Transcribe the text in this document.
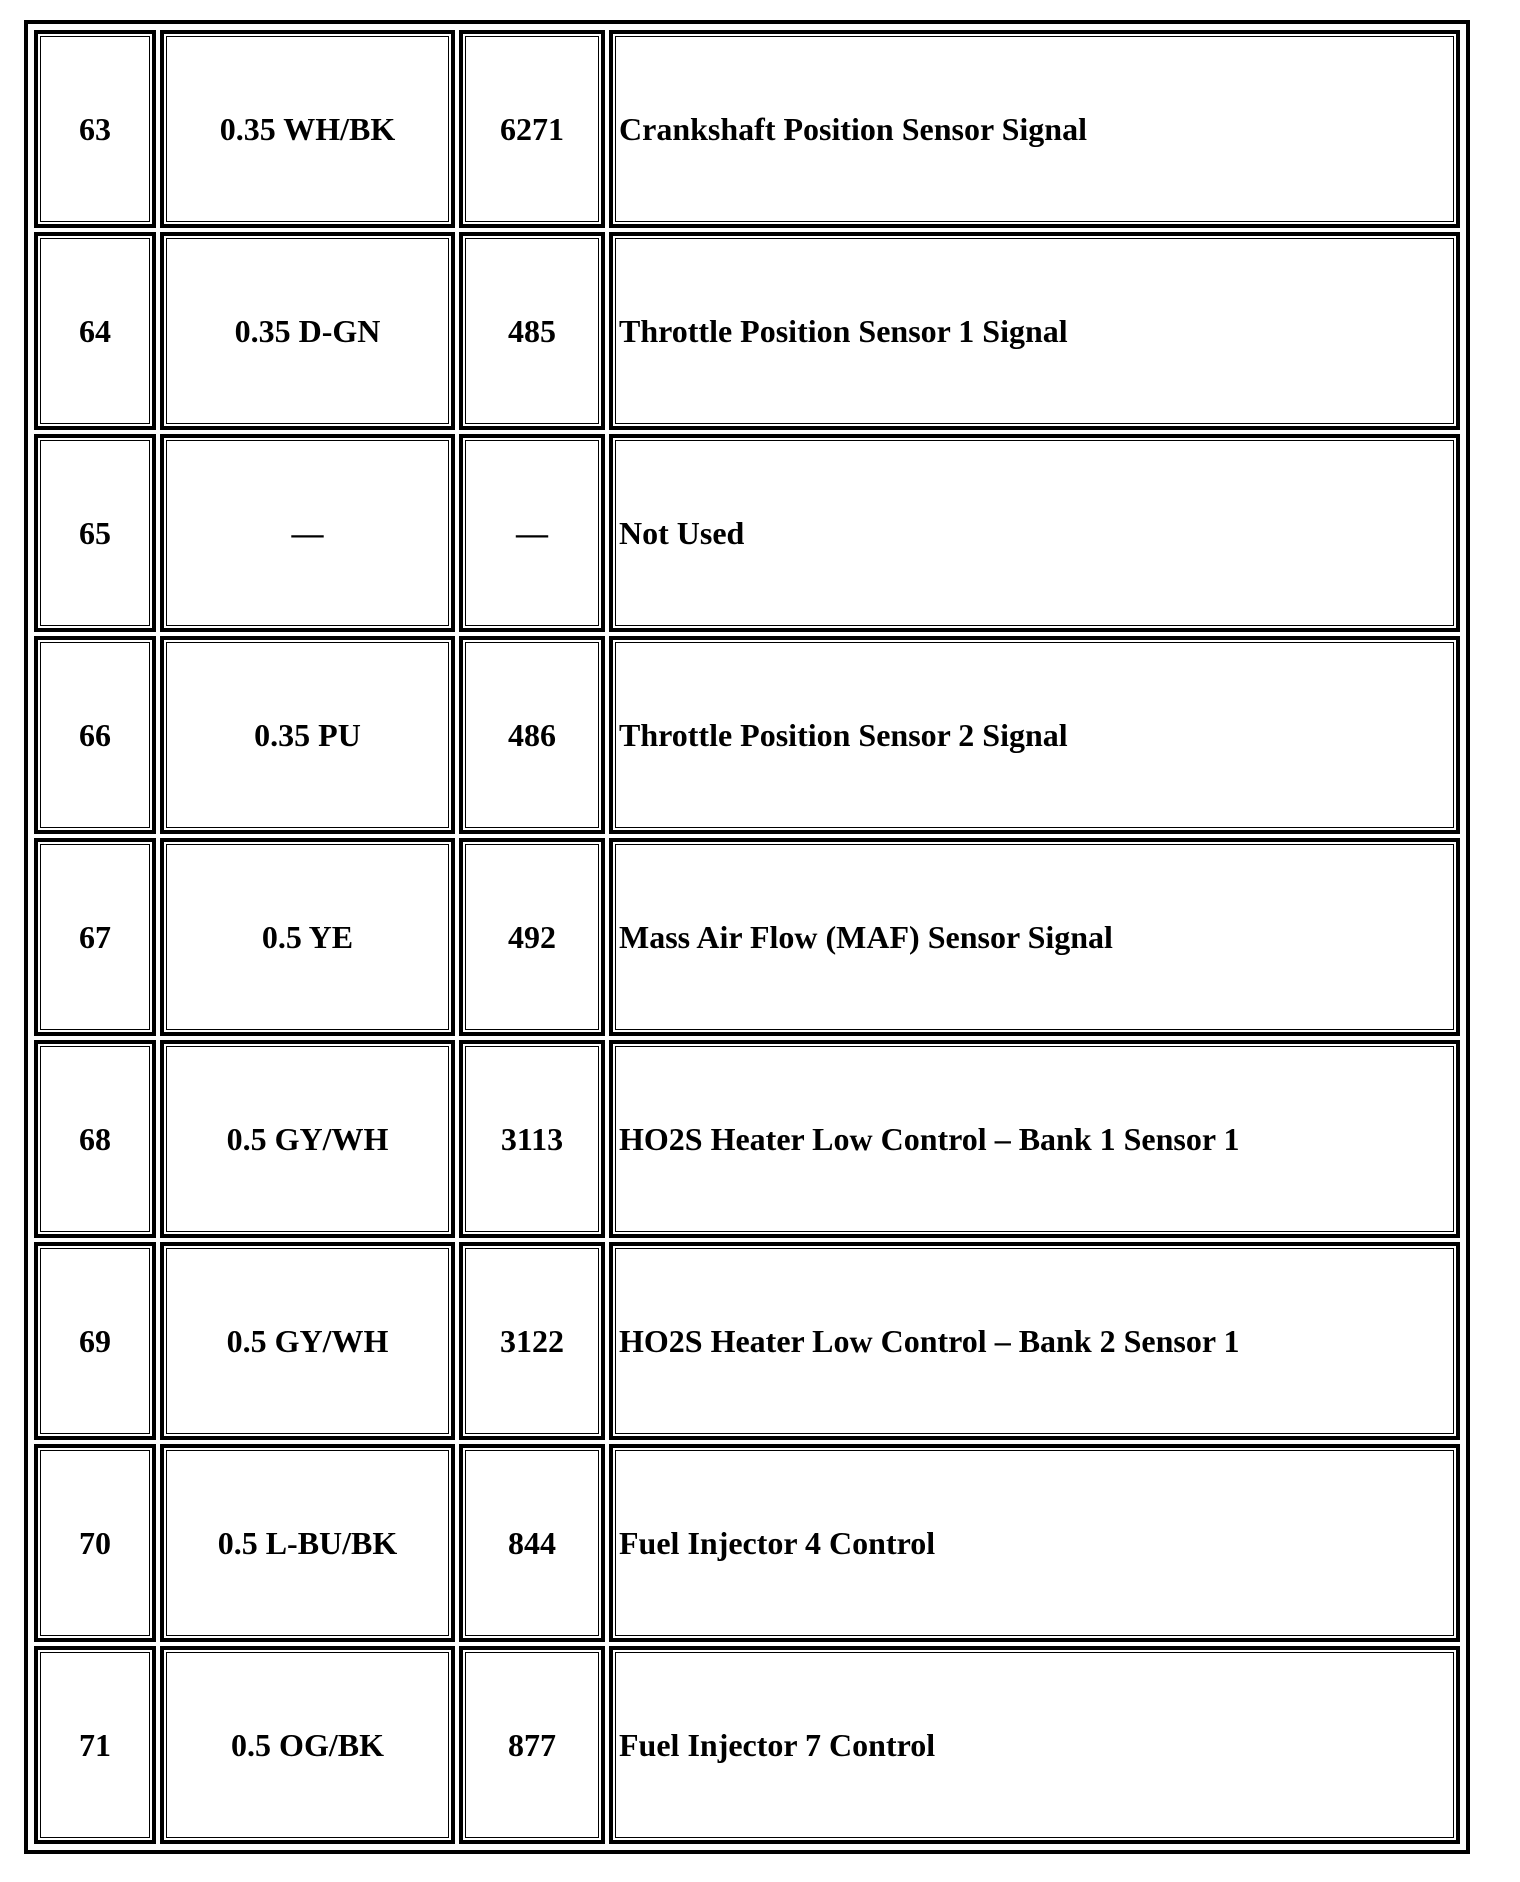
63	0.35 WH/BK	6271	Crankshaft Position Sensor Signal
64	0.35 D-GN	485	Throttle Position Sensor 1 Signal
65	—	—	Not Used
66	0.35 PU	486	Throttle Position Sensor 2 Signal
67	0.5 YE	492	Mass Air Flow (MAF) Sensor Signal
68	0.5 GY/WH	3113	HO2S Heater Low Control – Bank 1 Sensor 1
69	0.5 GY/WH	3122	HO2S Heater Low Control – Bank 2 Sensor 1
70	0.5 L-BU/BK	844	Fuel Injector 4 Control
71	0.5 OG/BK	877	Fuel Injector 7 Control
